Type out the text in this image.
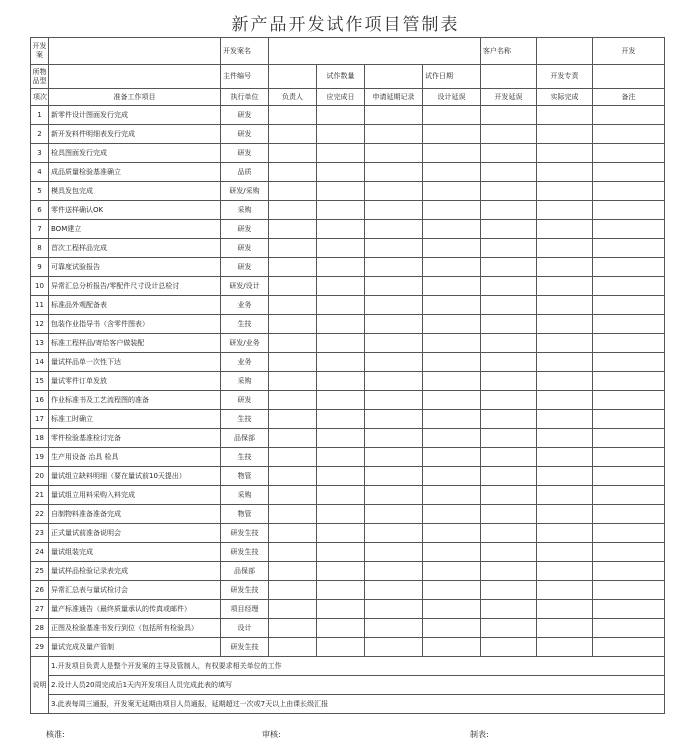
新产品开发试作项目管制表
开发案		开发案名					客户名称		开发
所物品型		主件编号		试作数量		试作日期		开发专责	
项次	准备工作项目	执行单位	负责人	应完成日	申请延期记录	设计延误	开发延误	实际完成	备注
1	新零件设计图面发行完成	研发							
2	新开发料件明细表发行完成	研发							
3	检具图面发行完成	研发							
4	成品质量检验基准确立	品质							
5	模具发包完成	研发/采购							
6	零件送样确认OK	采购							
7	BOM建立	研发							
8	首次工程样品完成	研发							
9	可靠度试验报告	研发							
10	异常汇总分析报告/零配件尺寸设计总检讨	研发/设计							
11	标准品外观配备表	业务							
12	包装作业指导书（含零件图表）	生技							
13	标准工程样品/寄给客户做装配	研发/业务							
14	量试样品单一次性下达	业务							
15	量试零件订单发放	采购							
16	作业标准书及工艺流程图的准备	研发							
17	标准工时确立	生技							
18	零件检验基准检讨完备	品保部							
19	生产用设备 治具 检具	生技							
20	量试组立缺料明细（要在量试前10天提出）	物管							
21	量试组立用料采购入料完成	采购							
22	自制物料准备准备完成	物管							
23	正式量试前准备说明会	研发生技							
24	量试组装完成	研发生技							
25	量试样品检验记录表完成	品保部							
26	异常汇总表与量试检讨会	研发生技							
27	量产标准通告（最终质量承认的传真或邮件）	项目经理							
28	正图及检验基准书发行到位（包括所有检验具）	设计							
29	量试完成及量产管制	研发生技							
说明	1.开发项目负责人是整个开发案的主导及管制人，有权要求相关单位的工作								
	2.设计人员20周完成后1天内开发项目人员完成此表的填写								
	3.此表每周三通报，开发案无延期由项目人员通报，延期超过一次或7天以上由课长级汇报								
核准:	审核:	制表:
